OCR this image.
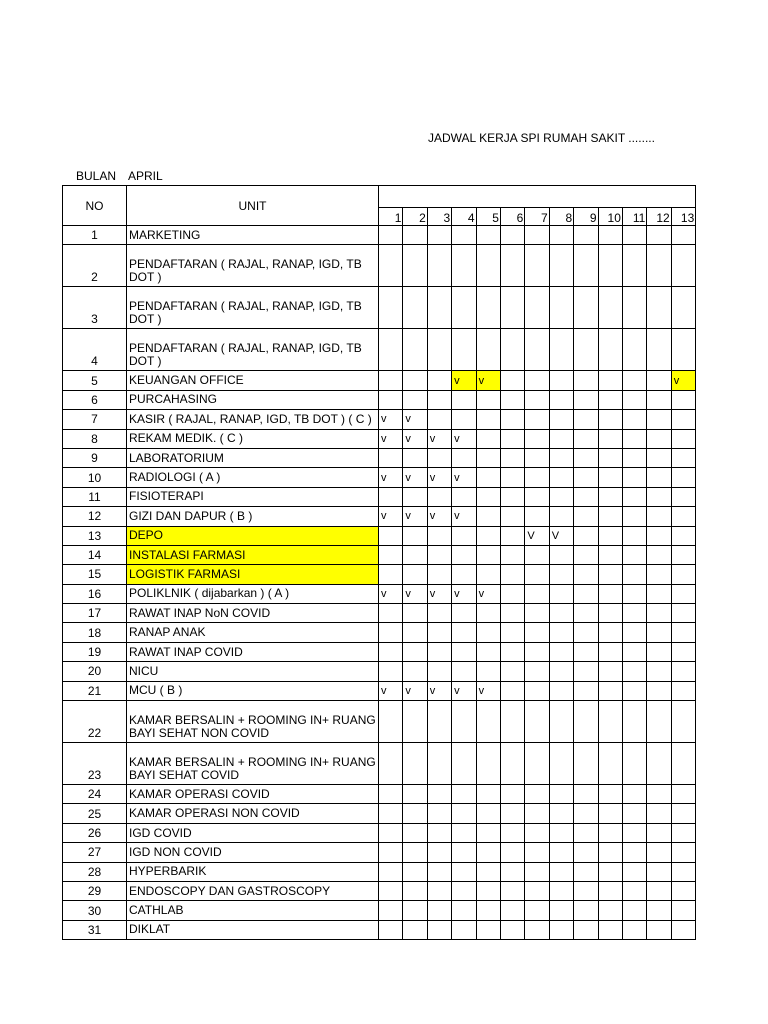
JADWAL KERJA SPI RUMAH SAKIT ........
BULAN APRIL
NO	UNIT													
		1	2	3	4	5	6	7	8	9	10	11	12	13
1	MARKETING													
2	PENDAFTARAN ( RAJAL, RANAP, IGD, TB DOT )													
3	PENDAFTARAN ( RAJAL, RANAP, IGD, TB DOT )													
4	PENDAFTARAN ( RAJAL, RANAP, IGD, TB DOT )													
5	KEUANGAN OFFICE				v	v								v
6	PURCAHASING													
7	KASIR ( RAJAL, RANAP, IGD, TB DOT ) ( C )	v	v											
8	REKAM MEDIK. ( C )	v	v	v	v									
9	LABORATORIUM													
10	RADIOLOGI ( A )	v	v	v	v									
11	FISIOTERAPI													
12	GIZI DAN DAPUR ( B )	v	v	v	v									
13	DEPO							V	V					
14	INSTALASI FARMASI													
15	LOGISTIK FARMASI													
16	POLIKLNIK ( dijabarkan ) ( A )	v	v	v	v	v								
17	RAWAT INAP NoN COVID													
18	RANAP ANAK													
19	RAWAT INAP COVID													
20	NICU													
21	MCU ( B )	v	v	v	v	v								
22	KAMAR BERSALIN + ROOMING IN+ RUANG BAYI SEHAT NON COVID													
23	KAMAR BERSALIN + ROOMING IN+ RUANG BAYI SEHAT COVID													
24	KAMAR OPERASI COVID													
25	KAMAR OPERASI NON COVID													
26	IGD COVID													
27	IGD NON COVID													
28	HYPERBARIK													
29	ENDOSCOPY DAN GASTROSCOPY													
30	CATHLAB													
31	DIKLAT													
